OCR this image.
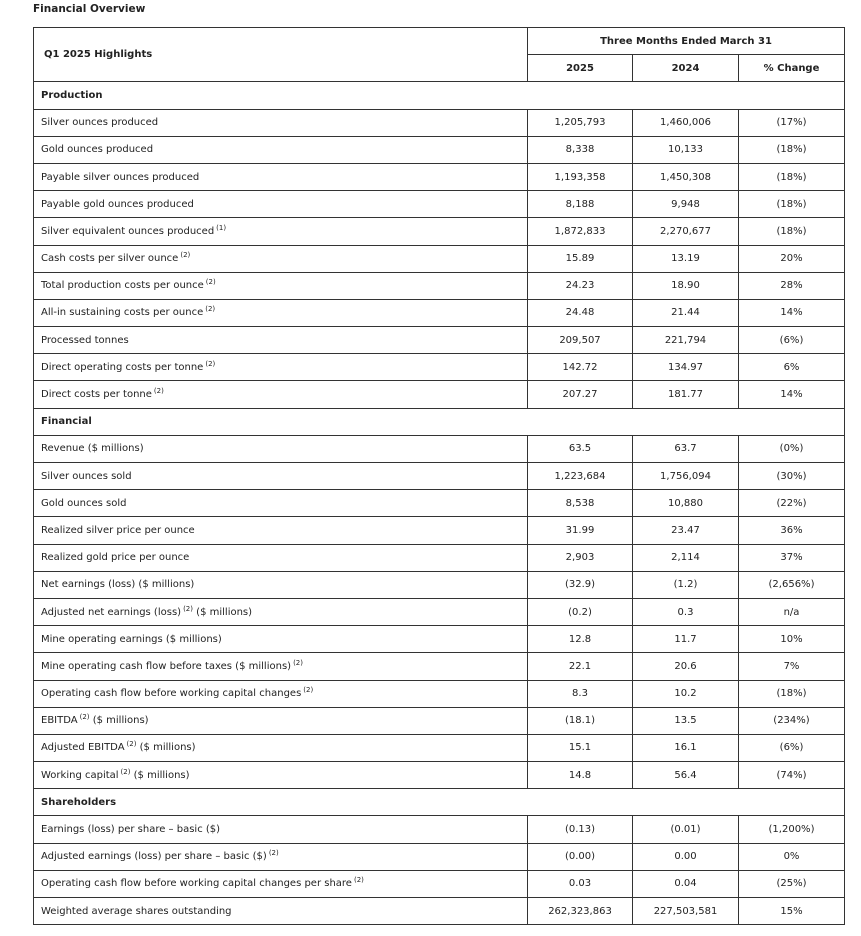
Financial Overview
Q1 2025 Highlights	Three Months Ended March 31		
	2025	2024	% Change
Production			
Silver ounces produced	1,205,793	1,460,006	(17%)
Gold ounces produced	8,338	10,133	(18%)
Payable silver ounces produced	1,193,358	1,450,308	(18%)
Payable gold ounces produced	8,188	9,948	(18%)
Silver equivalent ounces produced $^{(1)}$	1,872,833	2,270,677	(18%)
Cash costs per silver ounce $^{(2)}$	15.89	13.19	20%
Total production costs per ounce $^{(2)}$	24.23	18.90	28%
All-in sustaining costs per ounce $^{(2)}$	24.48	21.44	14%
Processed tonnes	209,507	221,794	(6%)
Direct operating costs per tonne $^{(2)}$	142.72	134.97	6%
Direct costs per tonne $^{(2)}$	207.27	181.77	14%
Financial			
Revenue ($ millions)	63.5	63.7	(0%)
Silver ounces sold	1,223,684	1,756,094	(30%)
Gold ounces sold	8,538	10,880	(22%)
Realized silver price per ounce	31.99	23.47	36%
Realized gold price per ounce	2,903	2,114	37%
Net earnings (loss) ($ millions)	(32.9)	(1.2)	(2,656%)
Adjusted net earnings (loss) $^{(2)}$ ($ millions)	(0.2)	0.3	n/a
Mine operating earnings ($ millions)	12.8	11.7	10%
Mine operating cash flow before taxes ($ millions) $^{(2)}$	22.1	20.6	7%
Operating cash flow before working capital changes $^{(2)}$	8.3	10.2	(18%)
EBITDA $^{(2)}$ ($ millions)	(18.1)	13.5	(234%)
Adjusted EBITDA $^{(2)}$ ($ millions)	15.1	16.1	(6%)
Working capital $^{(2)}$ ($ millions)	14.8	56.4	(74%)
Shareholders			
Earnings (loss) per share – basic ($)	(0.13)	(0.01)	(1,200%)
Adjusted earnings (loss) per share – basic ($) $^{(2)}$	(0.00)	0.00	0%
Operating cash flow before working capital changes per share $^{(2)}$	0.03	0.04	(25%)
Weighted average shares outstanding	262,323,863	227,503,581	15%
